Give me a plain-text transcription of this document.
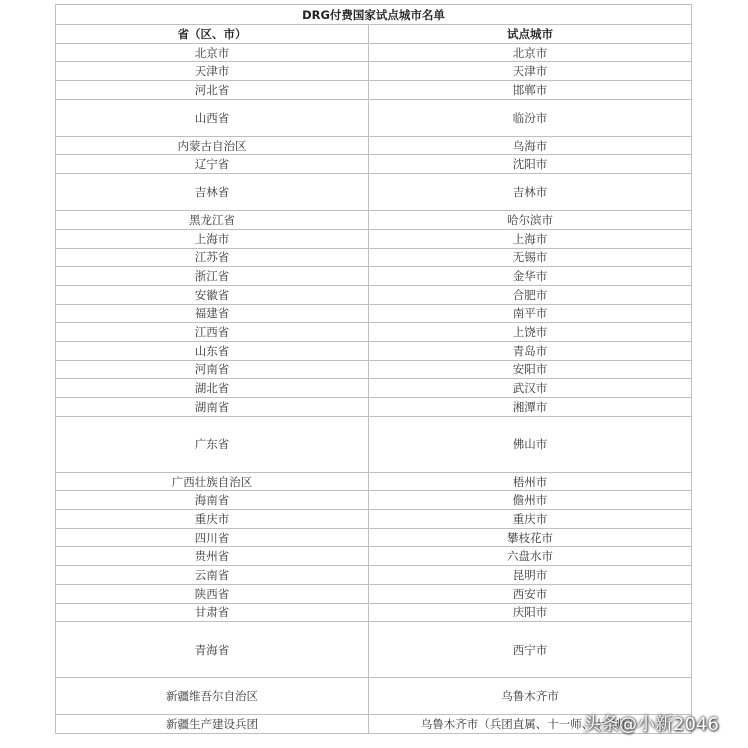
DRG付费国家试点城市名单	
省（区、市）	试点城市
北京市	北京市
天津市	天津市
河北省	邯郸市
山西省	临汾市
内蒙古自治区	乌海市
辽宁省	沈阳市
吉林省	吉林市
黑龙江省	哈尔滨市
上海市	上海市
江苏省	无锡市
浙江省	金华市
安徽省	合肥市
福建省	南平市
江西省	上饶市
山东省	青岛市
河南省	安阳市
湖北省	武汉市
湖南省	湘潭市
广东省	佛山市
广西壮族自治区	梧州市
海南省	儋州市
重庆市	重庆市
四川省	攀枝花市
贵州省	六盘水市
云南省	昆明市
陕西省	西安市
甘肃省	庆阳市
青海省	西宁市
新疆维吾尔自治区	乌鲁木齐市
新疆生产建设兵团	乌鲁木齐市（兵团直属、十一师、十二师）
头条@小新2046
